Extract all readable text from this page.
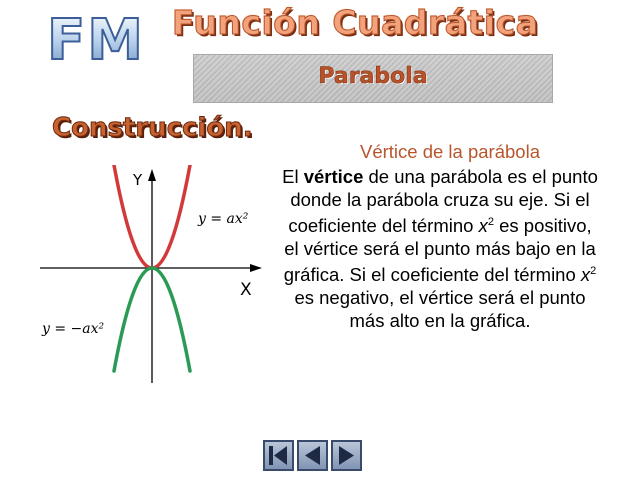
FM Función Cuadrática
Parabola
Construcción.
Y
X
y = ax²
y = −ax²
Vértice de la parábola
El vértice de una parábola es el punto donde la parábola cruza su eje. Si el coeficiente del término $x^2$ es positivo, el vértice será el punto más bajo en la gráfica. Si el coeficiente del término $x^2$ es negativo, el vértice será el punto más alto en la gráfica.
